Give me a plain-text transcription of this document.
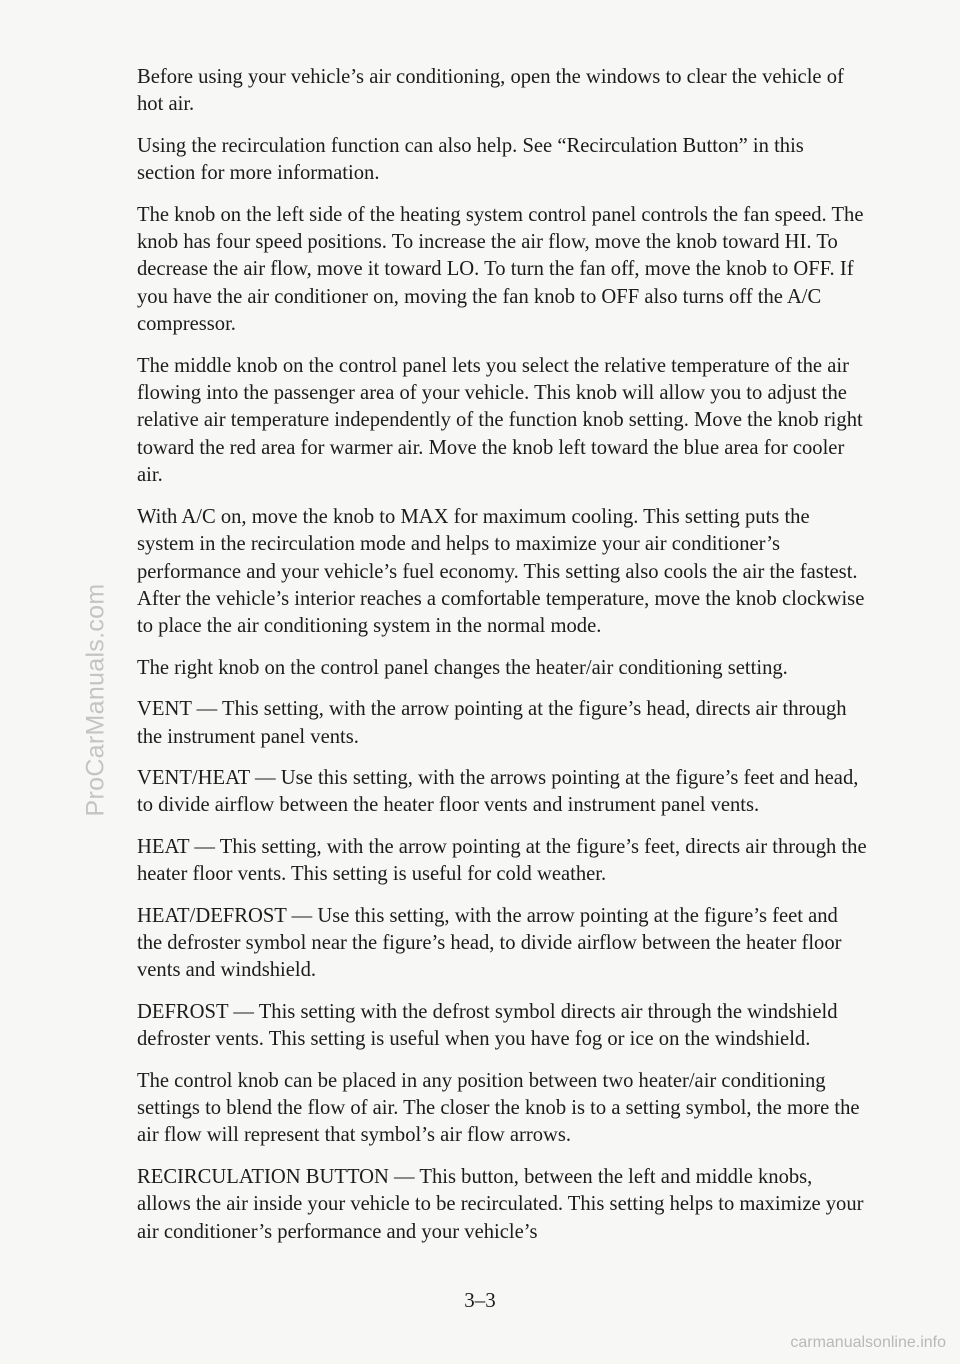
ProCarManuals.com

Before using your vehicle’s air conditioning, open the windows to clear the vehicle of hot air.

Using the recirculation function can also help. See “Recirculation Button” in this section for more information.

The knob on the left side of the heating system control panel controls the fan speed. The knob has four speed positions. To increase the air flow, move the knob toward HI. To decrease the air flow, move it toward LO. To turn the fan off, move the knob to OFF. If you have the air conditioner on, moving the fan knob to OFF also turns off the A/C compressor.

The middle knob on the control panel lets you select the relative temperature of the air flowing into the passenger area of your vehicle. This knob will allow you to adjust the relative air temperature independently of the function knob setting. Move the knob right toward the red area for warmer air. Move the knob left toward the blue area for cooler air.

With A/C on, move the knob to MAX for maximum cooling. This setting puts the system in the recirculation mode and helps to maximize your air conditioner’s performance and your vehicle’s fuel economy. This setting also cools the air the fastest. After the vehicle’s interior reaches a comfortable temperature, move the knob clockwise to place the air conditioning system in the normal mode.

The right knob on the control panel changes the heater/air conditioning setting.

VENT — This setting, with the arrow pointing at the figure’s head, directs air through the instrument panel vents.

VENT/HEAT — Use this setting, with the arrows pointing at the figure’s feet and head, to divide airflow between the heater floor vents and instrument panel vents.

HEAT — This setting, with the arrow pointing at the figure’s feet, directs air through the heater floor vents. This setting is useful for cold weather.

HEAT/DEFROST — Use this setting, with the arrow pointing at the figure’s feet and the defroster symbol near the figure’s head, to divide airflow between the heater floor vents and windshield.

DEFROST — This setting with the defrost symbol directs air through the windshield defroster vents. This setting is useful when you have fog or ice on the windshield.

The control knob can be placed in any position between two heater/air conditioning settings to blend the flow of air. The closer the knob is to a setting symbol, the more the air flow will represent that symbol’s air flow arrows.

RECIRCULATION BUTTON — This button, between the left and middle knobs, allows the air inside your vehicle to be recirculated. This setting helps to maximize your air conditioner’s performance and your vehicle’s

3–3
carmanualsonline.info
